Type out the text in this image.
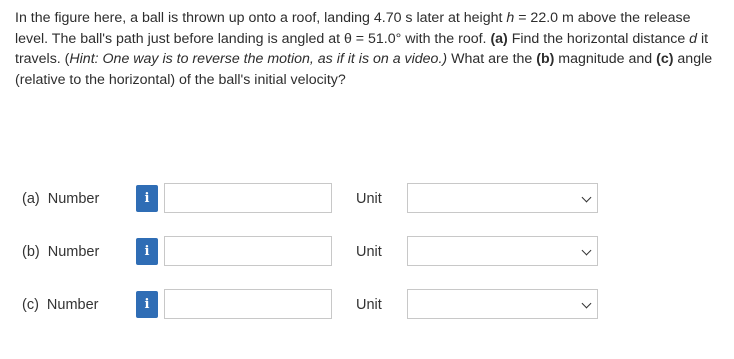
In the figure here, a ball is thrown up onto a roof, landing 4.70 s later at height h = 22.0 m above the release level. The ball's path just before landing is angled at θ = 51.0° with the roof. (a) Find the horizontal distance d it travels. (Hint: One way is to reverse the motion, as if it is on a video.) What are the (b) magnitude and (c) angle (relative to the horizontal) of the ball's initial velocity?
(a) Number	i	Unit
(b) Number	i	Unit
(c) Number	i	Unit
